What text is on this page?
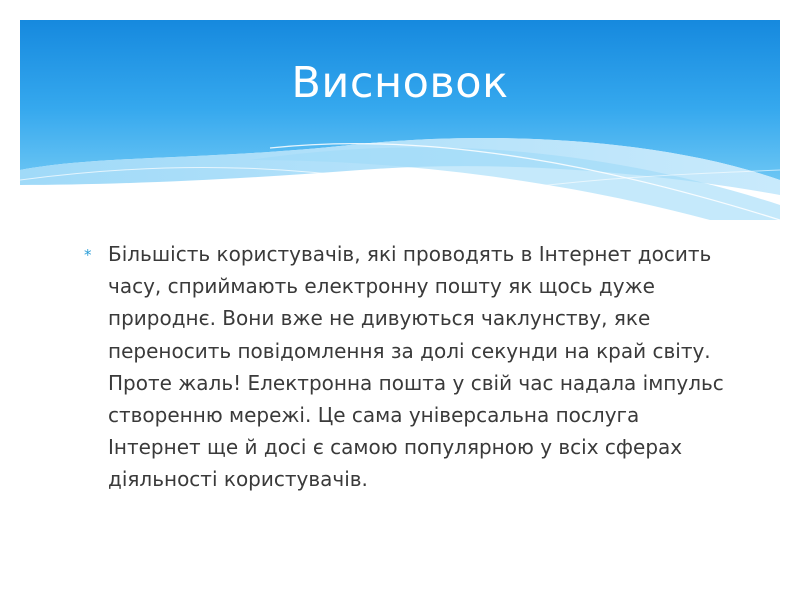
Висновок
* Більшість користувачів, які проводять в Інтернет досить часу, сприймають електронну пошту як щось дуже природнє. Вони вже не дивуються чаклунству, яке переносить повідомлення за долі секунди на край світу. Проте жаль! Електронна пошта у свій час надала імпульс створенню мережі. Це сама універсальна послуга Інтернет ще й досі є самою популярною у всіх сферах діяльності користувачів.
